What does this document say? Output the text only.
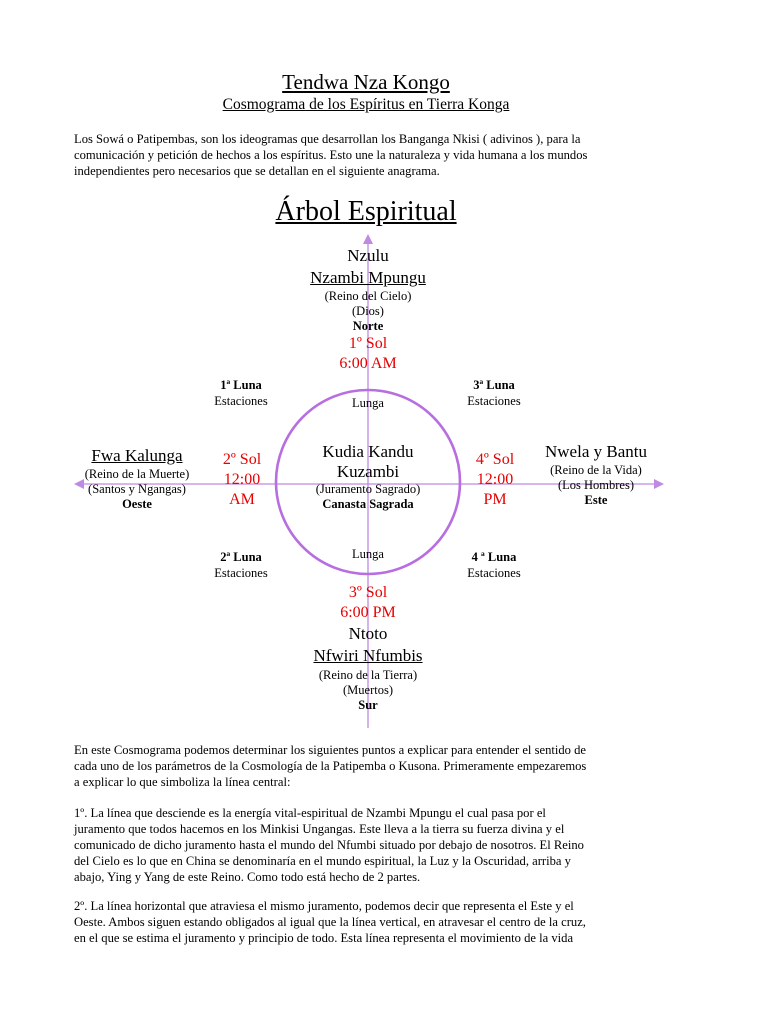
Tendwa Nza Kongo
Cosmograma de los Espíritus en Tierra Konga
Los Sowá o Patipembas, son los ideogramas que desarrollan los Banganga Nkisi ( adivinos ), para la
comunicación y petición de hechos a los espíritus. Esto une la naturaleza y vida humana a los mundos
independientes pero necesarios que se detallan en el siguiente anagrama.
Árbol Espiritual
Nzulu
Nzambi Mpungu
(Reino del Cielo)
(Dios)
Norte
1º Sol
6:00 AM
1ª Luna
Estaciones
3ª Luna
Estaciones
2ª Luna
Estaciones
4 ª Luna
Estaciones
Lunga
Lunga
Kudia Kandu
Kuzambi
(Juramento Sagrado)
Canasta Sagrada
Fwa Kalunga
(Reino de la Muerte)
(Santos y Ngangas)
Oeste
2º Sol
12:00
AM
Nwela y Bantu
(Reino de la Vida)
(Los Hombres)
Este
4º Sol
12:00
PM
3º Sol
6:00 PM
Ntoto
Nfwiri Nfumbis
(Reino de la Tierra)
(Muertos)
Sur
En este Cosmograma podemos determinar los siguientes puntos a explicar para entender el sentido de
cada uno de los parámetros de la Cosmología de la Patipemba o Kusona. Primeramente empezaremos
a explicar lo que simboliza la línea central:
1º. La línea que desciende es la energía vital-espiritual de Nzambi Mpungu el cual pasa por el
juramento que todos hacemos en los Minkisi Ungangas. Este lleva a la tierra su fuerza divina y el
comunicado de dicho juramento hasta el mundo del Nfumbi situado por debajo de nosotros. El Reino
del Cielo es lo que en China se denominaría en el mundo espiritual, la Luz y la Oscuridad, arriba y
abajo, Ying y Yang de este Reino. Como todo está hecho de 2 partes.
2º. La línea horizontal que atraviesa el mismo juramento, podemos decir que representa el Este y el
Oeste. Ambos siguen estando obligados al igual que la línea vertical, en atravesar el centro de la cruz,
en el que se estima el juramento y principio de todo. Esta línea representa el movimiento de la vida
